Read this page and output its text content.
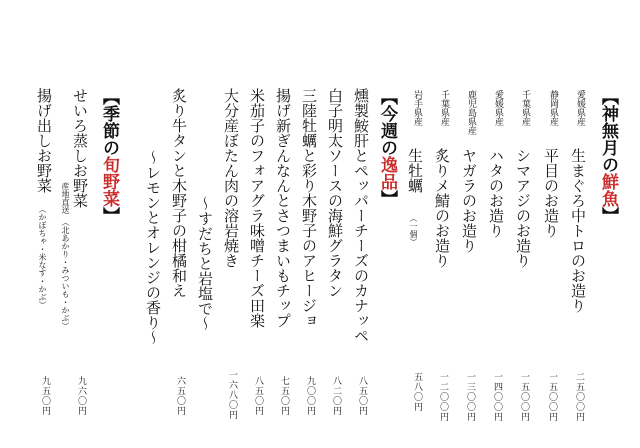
【神無月の鮮魚】
愛媛県産
生まぐろ中トロのお造り
二五〇〇円
静岡県産
平目のお造り
一五〇〇円
千葉県産
シマアジのお造り
一五〇〇円
愛媛県産
ハタのお造り
一四〇〇円
鹿児島県産
ヤガラのお造り
一三〇〇円
千葉県産
炙りメ鯖のお造り
一二〇〇円
岩手県産
生牡蠣
（一個）
五八〇円
【今週の逸品】
燻製鮟肝とペッパーチーズのカナッペ
八五〇円
白子明太ソースの海鮮グラタン
八二〇円
三陸牡蠣と彩り木野子のアヒージョ
九〇〇円
揚げ新ぎんなんとさつまいもチップ
七五〇円
米茄子のフォアグラ味噌チーズ田楽
八五〇円
大分産ぼたん肉の溶岩焼き
一六八〇円
〜すだちと岩塩で〜
炙り牛タンと木野子の柑橘和え
六五〇円
〜レモンとオレンジの香り〜
【季節の旬野菜】
せいろ蒸しお野菜
産地直送
（北あかり・みついも・かぶ）
九六〇円
揚げ出しお野菜
（かぼちゃ・米なす・かぶ）
九五〇円
